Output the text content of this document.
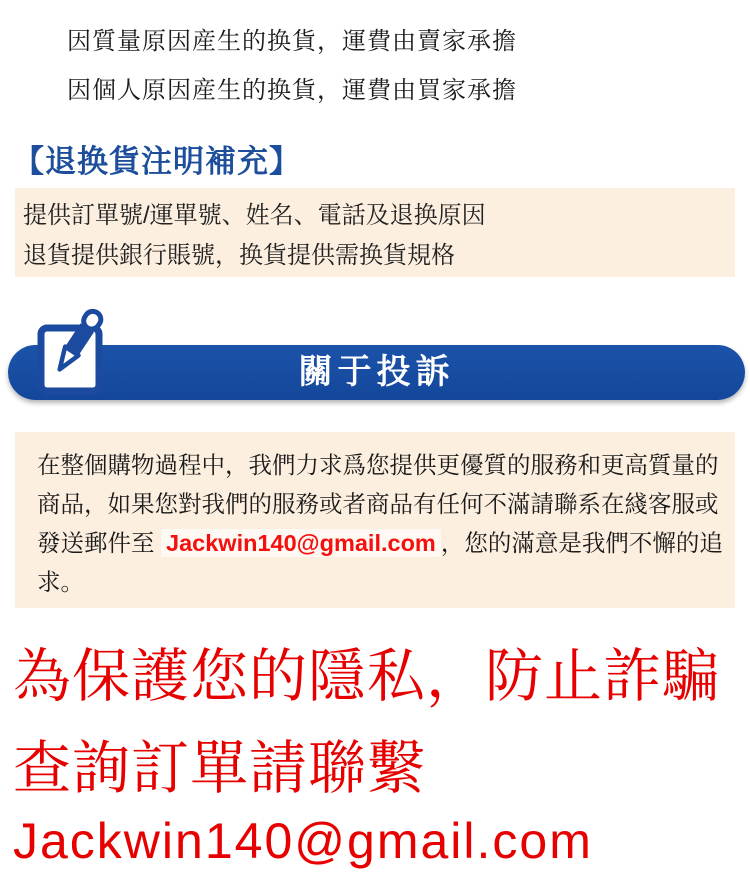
因質量原因産生的换貨，運費由賣家承擔
因個人原因産生的换貨，運費由買家承擔
【退换貨注明補充】
提供訂單號/運單號、姓名、電話及退换原因
退貨提供銀行賬號，换貨提供需换貨規格
關于投訴

在整個購物過程中，我們力求爲您提供更優質的服務和更高質量的商品，如果您對我們的服務或者商品有任何不滿請聯系在綫客服或發送郵件至 Jackwin140@gmail.com ，您的滿意是我們不懈的追求。

為保護您的隱私，防止詐騙
查詢訂單請聯繫
Jackwin140@gmail.com
